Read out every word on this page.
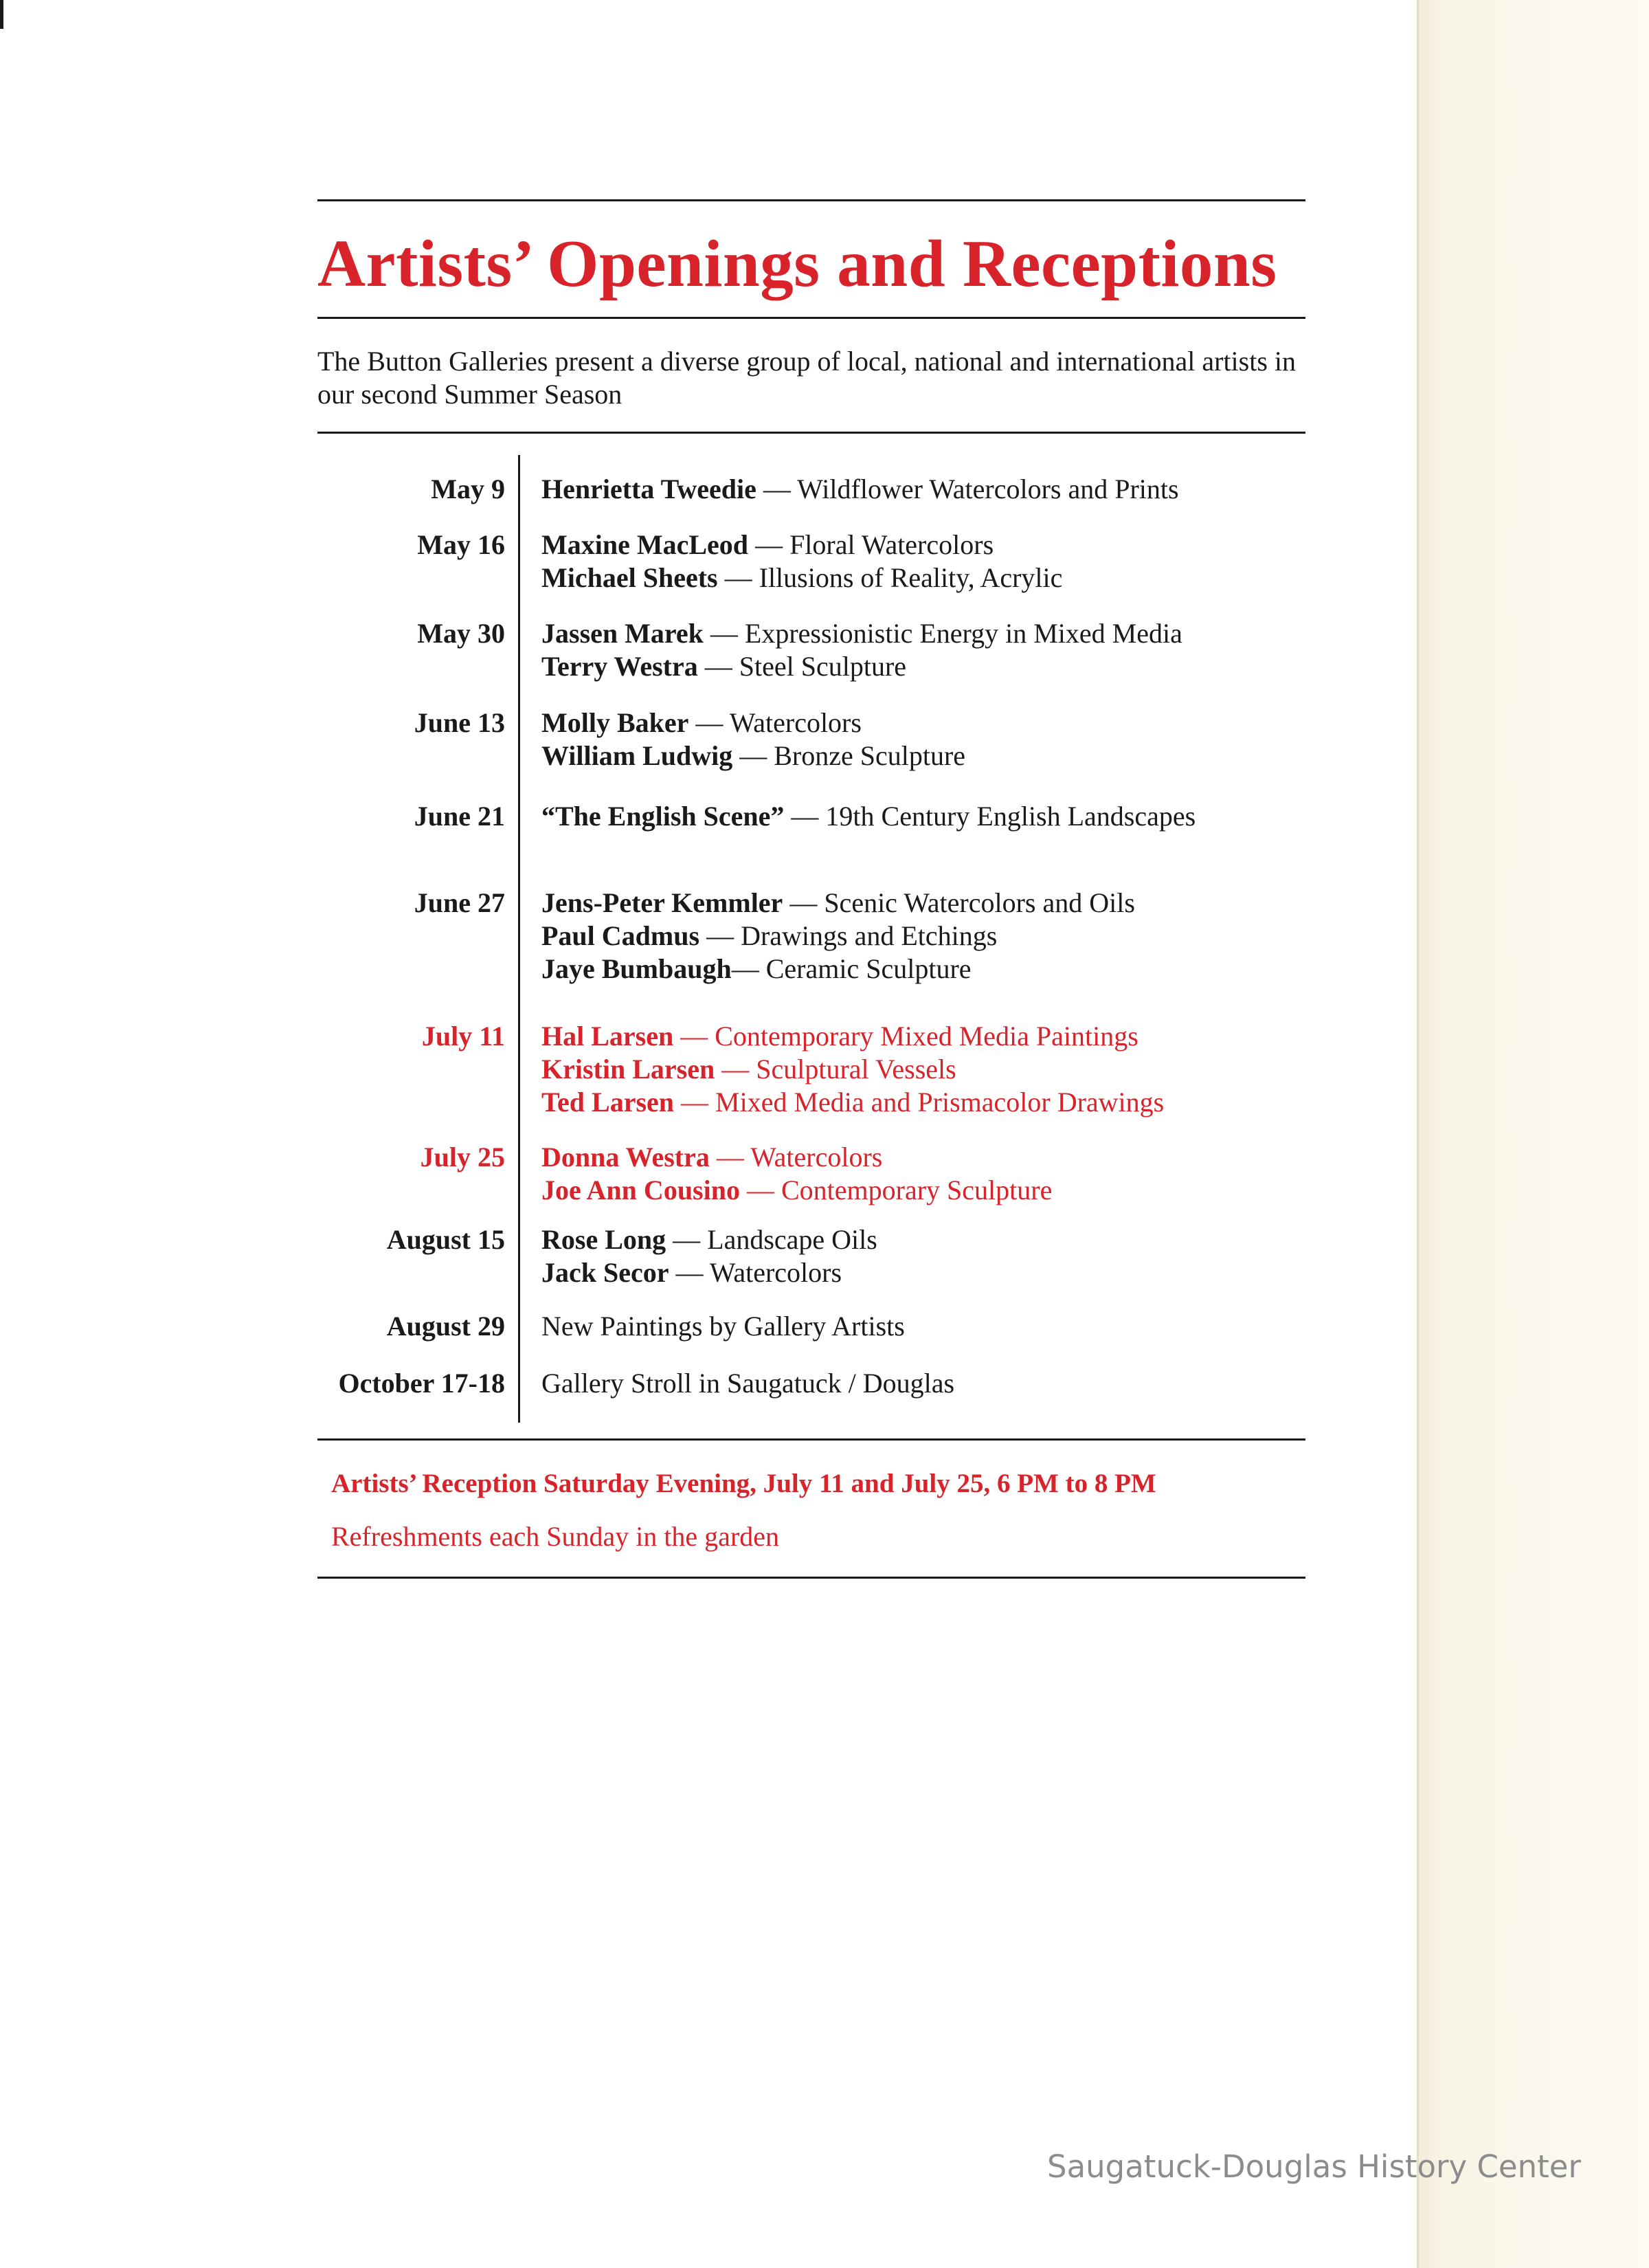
Artists’ Openings and Receptions

The Button Galleries present a diverse group of local, national and international artists in our second Summer Season

May 9 Henrietta Tweedie — Wildflower Watercolors and Prints
May 16 Maxine MacLeod — Floral Watercolors
Michael Sheets — Illusions of Reality, Acrylic
May 30 Jassen Marek — Expressionistic Energy in Mixed Media
Terry Westra — Steel Sculpture
June 13 Molly Baker — Watercolors
William Ludwig — Bronze Sculpture
June 21 “The English Scene” — 19th Century English Landscapes
June 27 Jens-Peter Kemmler — Scenic Watercolors and Oils
Paul Cadmus — Drawings and Etchings
Jaye Bumbaugh— Ceramic Sculpture
July 11 Hal Larsen — Contemporary Mixed Media Paintings
Kristin Larsen — Sculptural Vessels
Ted Larsen — Mixed Media and Prismacolor Drawings
July 25 Donna Westra — Watercolors
Joe Ann Cousino — Contemporary Sculpture
August 15 Rose Long — Landscape Oils
Jack Secor — Watercolors
August 29 New Paintings by Gallery Artists
October 17-18 Gallery Stroll in Saugatuck / Douglas

Artists’ Reception Saturday Evening, July 11 and July 25, 6 PM to 8 PM

Refreshments each Sunday in the garden

Saugatuck-Douglas History Center
